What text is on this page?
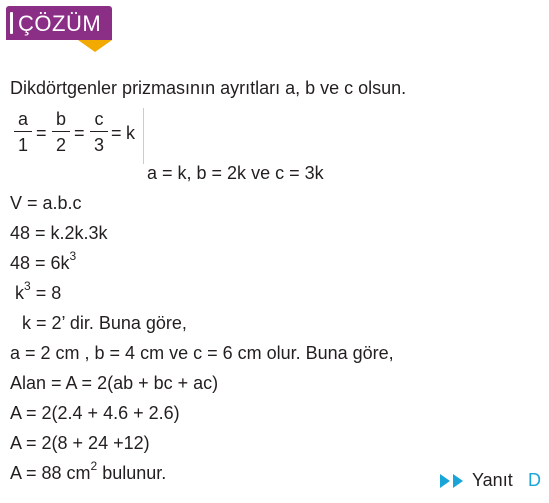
ÇÖZÜM
Dikdörtgenler prizmasının ayrıtları a, b ve c olsun.
a
1
=
b
2
=
c
3
= k
a = k, b = 2k ve c = 3k
V = a.b.c
48 = k.2k.3k
$48 = 6k^3$
$k^3 = 8$
k = 2’ dir. Buna göre,
a = 2 cm , b = 4 cm ve c = 6 cm olur. Buna göre,
Alan = A = 2(ab + bc + ac)
A = 2(2.4 + 4.6 + 2.6)
A = 2(8 + 24 +12)
A = 88 $cm^2$ bulunur.	Yanıt D
